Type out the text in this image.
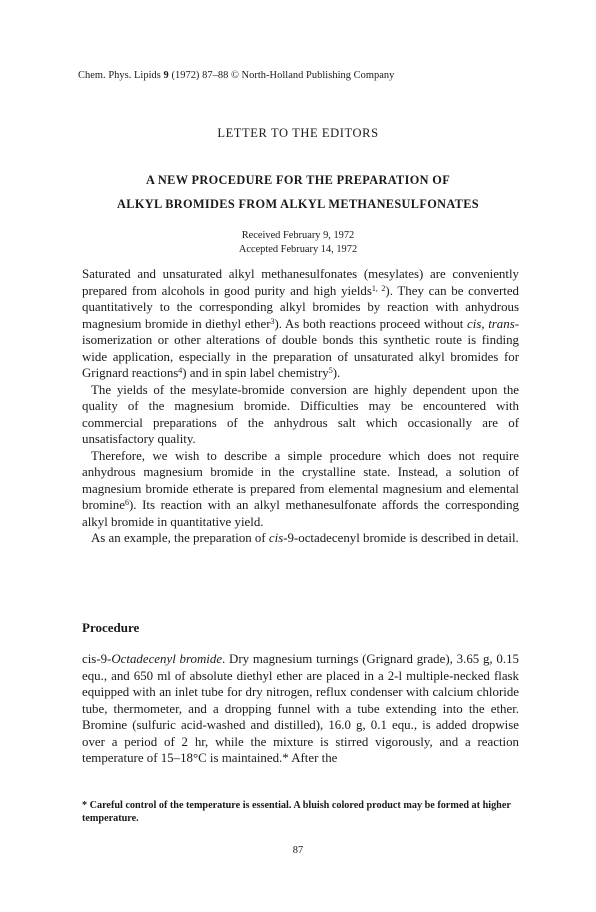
Chem. Phys. Lipids 9 (1972) 87–88 © North-Holland Publishing Company
LETTER TO THE EDITORS
A NEW PROCEDURE FOR THE PREPARATION OF
ALKYL BROMIDES FROM ALKYL METHANESULFONATES
Received February 9, 1972
Accepted February 14, 1972

Saturated and unsaturated alkyl methanesulfonates (mesylates) are conveniently prepared from alcohols in good purity and high yields$^{1, 2}$). They can be converted quantitatively to the corresponding alkyl bromides by reaction with anhydrous magnesium bromide in diethyl ether$^3$). As both reactions proceed without cis, trans-isomerization or other alterations of double bonds this synthetic route is finding wide application, especially in the preparation of unsaturated alkyl bromides for Grignard reactions$^4$) and in spin label chemistry$^5$).

The yields of the mesylate-bromide conversion are highly dependent upon the quality of the magnesium bromide. Difficulties may be encountered with commercial preparations of the anhydrous salt which occasionally are of unsatisfactory quality.

Therefore, we wish to describe a simple procedure which does not require anhydrous magnesium bromide in the crystalline state. Instead, a solution of magnesium bromide etherate is prepared from elemental magnesium and elemental bromine$^6$). Its reaction with an alkyl methanesulfonate affords the corresponding alkyl bromide in quantitative yield.

As an example, the preparation of cis-9-octadecenyl bromide is described in detail.

Procedure

cis-9-Octadecenyl bromide. Dry magnesium turnings (Grignard grade), 3.65 g, 0.15 equ., and 650 ml of absolute diethyl ether are placed in a 2-l multiple-necked flask equipped with an inlet tube for dry nitrogen, reflux condenser with calcium chloride tube, thermometer, and a dropping funnel with a tube extending into the ether. Bromine (sulfuric acid-washed and distilled), 16.0 g, 0.1 equ., is added dropwise over a period of 2 hr, while the mixture is stirred vigorously, and a reaction temperature of 15–18°C is maintained.* After the

* Careful control of the temperature is essential. A bluish colored product may be formed at higher temperature.
87
